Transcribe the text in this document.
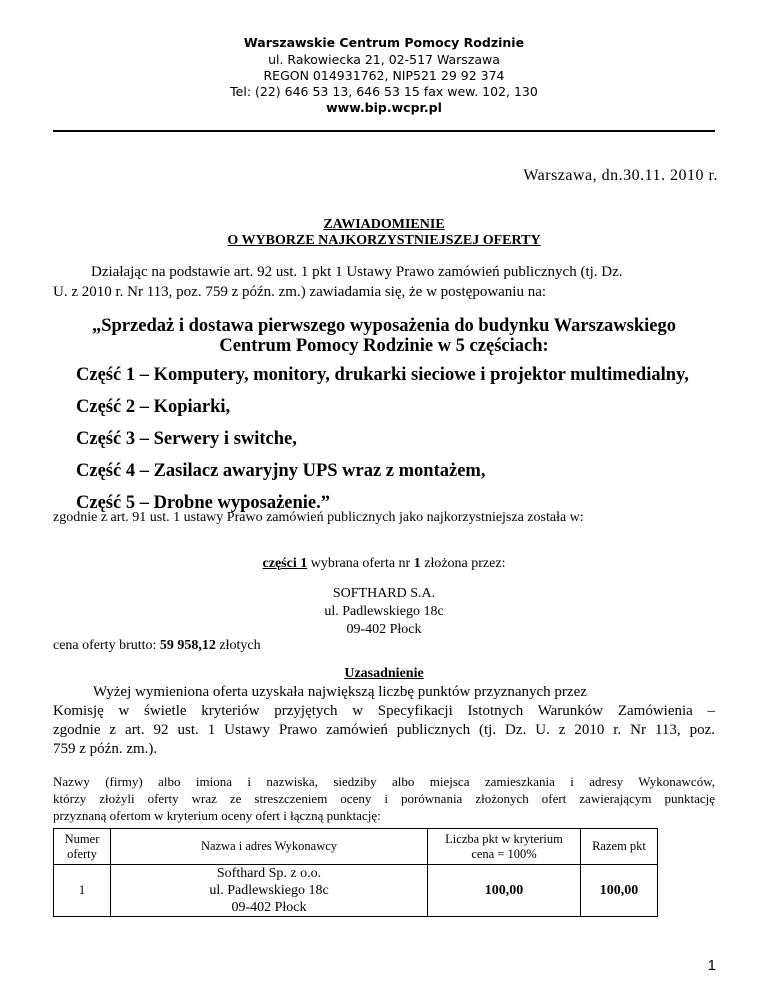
Warszawskie Centrum Pomocy Rodzinie
ul. Rakowiecka 21, 02-517 Warszawa
REGON 014931762, NIP521 29 92 374
Tel: (22) 646 53 13, 646 53 15 fax wew. 102, 130
www.bip.wcpr.pl
Warszawa, dn.30.11. 2010 r.
ZAWIADOMIENIE
O WYBORZE NAJKORZYSTNIEJSZEJ OFERTY
Działając na podstawie art. 92 ust. 1 pkt 1 Ustawy Prawo zamówień publicznych (tj. Dz.
U. z 2010 r. Nr 113, poz. 759 z późn. zm.) zawiadamia się, że w postępowaniu na:
„Sprzedaż i dostawa pierwszego wyposażenia do budynku Warszawskiego
Centrum Pomocy Rodzinie w 5 częściach:
Część 1 – Komputery, monitory, drukarki sieciowe i projektor multimedialny,
Część 2 – Kopiarki,
Część 3 – Serwery i switche,
Część 4 – Zasilacz awaryjny UPS wraz z montażem,
Część 5 – Drobne wyposażenie.”
zgodnie z art. 91 ust. 1 ustawy Prawo zamówień publicznych jako najkorzystniejsza została w:
części 1 wybrana oferta nr 1 złożona przez:
SOFTHARD S.A.
ul. Padlewskiego 18c
09-402 Płock
cena oferty brutto: 59 958,12 złotych
Uzasadnienie
Wyżej wymieniona oferta uzyskała największą liczbę punktów przyznanych przez
Komisję w świetle kryteriów przyjętych w Specyfikacji Istotnych Warunków Zamówienia –
zgodnie z art. 92 ust. 1 Ustawy Prawo zamówień publicznych (tj. Dz. U. z 2010 r. Nr 113, poz.
759 z późn. zm.).
Nazwy (firmy) albo imiona i nazwiska, siedziby albo miejsca zamieszkania i adresy Wykonawców,
którzy złożyli oferty wraz ze streszczeniem oceny i porównania złożonych ofert zawierającym punktację
przyznaną ofertom w kryterium oceny ofert i łączną punktację:
Numer
oferty	Nazwa i adres Wykonawcy	Liczba pkt w kryterium
cena = 100%	Razem pkt
1	Softhard Sp. z o.o.
ul. Padlewskiego 18c
09-402 Płock	100,00	100,00
1
